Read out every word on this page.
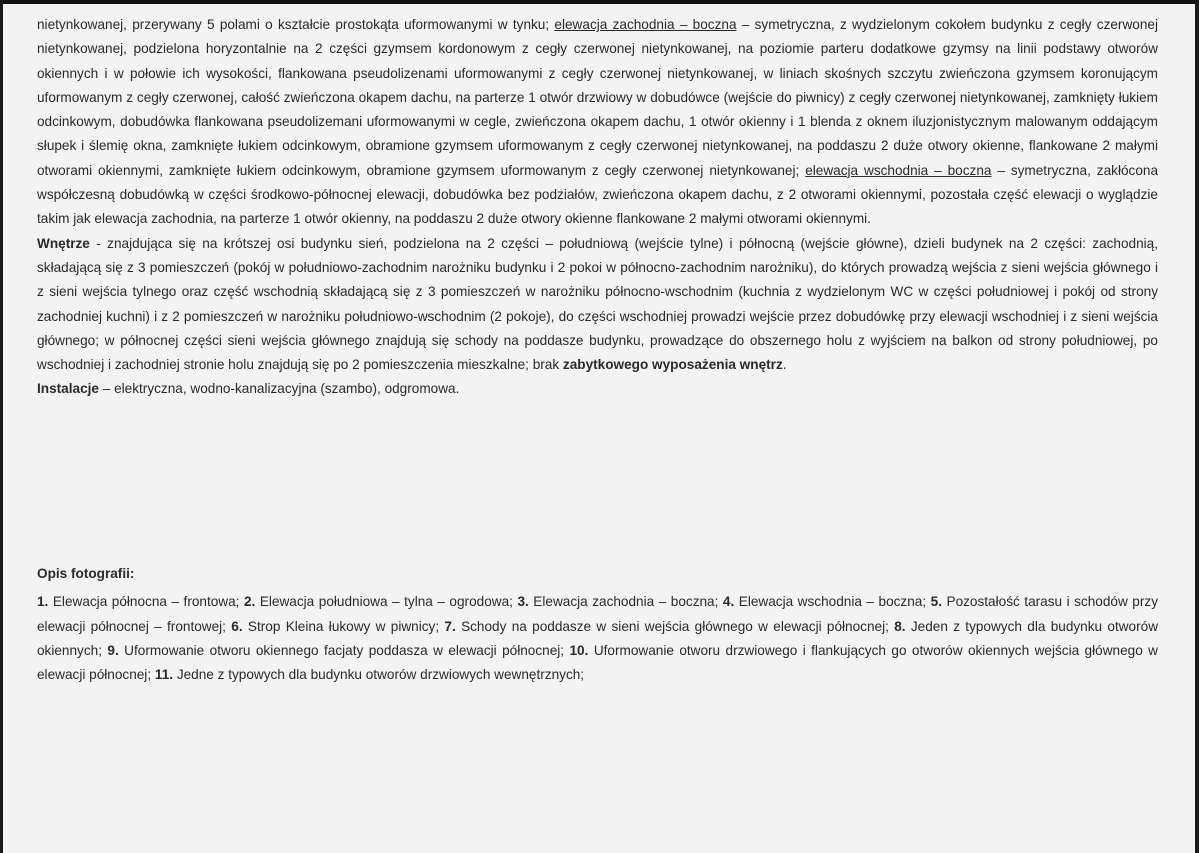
nietynkowanej, przerywany 5 polami o kształcie prostokąta uformowanymi w tynku; elewacja zachodnia – boczna – symetryczna, z wydzielonym cokołem budynku z cegły czerwonej nietynkowanej, podzielona horyzontalnie na 2 części gzymsem kordonowym z cegły czerwonej nietynkowanej, na poziomie parteru dodatkowe gzymsy na linii podstawy otworów okiennych i w połowie ich wysokości, flankowana pseudolizenami uformowanymi z cegły czerwonej nietynkowanej, w liniach skośnych szczytu zwieńczona gzymsem koronującym uformowanym z cegły czerwonej, całość zwieńczona okapem dachu, na parterze 1 otwór drzwiowy w dobudówce (wejście do piwnicy) z cegły czerwonej nietynkowanej, zamknięty łukiem odcinkowym, dobudówka flankowana pseudolizemani uformowanymi w cegle, zwieńczona okapem dachu, 1 otwór okienny i 1 blenda z oknem iluzjonistycznym malowanym oddającym słupek i ślemię okna, zamknięte łukiem odcinkowym, obramione gzymsem uformowanym z cegły czerwonej nietynkowanej, na poddaszu 2 duże otwory okienne, flankowane 2 małymi otworami okiennymi, zamknięte łukiem odcinkowym, obramione gzymsem uformowanym z cegły czerwonej nietynkowanej; elewacja wschodnia – boczna – symetryczna, zakłócona współczesną dobudówką w części środkowo-północnej elewacji, dobudówka bez podziałów, zwieńczona okapem dachu, z 2 otworami okiennymi, pozostała część elewacji o wyglądzie takim jak elewacja zachodnia, na parterze 1 otwór okienny, na poddaszu 2 duże otwory okienne flankowane 2 małymi otworami okiennymi.

Wnętrze - znajdująca się na krótszej osi budynku sień, podzielona na 2 części – południową (wejście tylne) i północną (wejście główne), dzieli budynek na 2 części: zachodnią, składającą się z 3 pomieszczeń (pokój w południowo-zachodnim narożniku budynku i 2 pokoi w północno-zachodnim narożniku), do których prowadzą wejścia z sieni wejścia głównego i z sieni wejścia tylnego oraz część wschodnią składającą się z 3 pomieszczeń w narożniku północno-wschodnim (kuchnia z wydzielonym WC w części południowej i pokój od strony zachodniej kuchni) i z 2 pomieszczeń w narożniku południowo-wschodnim (2 pokoje), do części wschodniej prowadzi wejście przez dobudówkę przy elewacji wschodniej i z sieni wejścia głównego; w północnej części sieni wejścia głównego znajdują się schody na poddasze budynku, prowadzące do obszernego holu z wyjściem na balkon od strony południowej, po wschodniej i zachodniej stronie holu znajdują się po 2 pomieszczenia mieszkalne; brak zabytkowego wyposażenia wnętrz.

Instalacje – elektryczna, wodno-kanalizacyjna (szambo), odgromowa.

Opis fotografii:

1. Elewacja północna – frontowa; 2. Elewacja południowa – tylna – ogrodowa; 3. Elewacja zachodnia – boczna; 4. Elewacja wschodnia – boczna; 5. Pozostałość tarasu i schodów przy elewacji północnej – frontowej; 6. Strop Kleina łukowy w piwnicy; 7. Schody na poddasze w sieni wejścia głównego w elewacji północnej; 8. Jeden z typowych dla budynku otworów okiennych; 9. Uformowanie otworu okiennego facjaty poddasza w elewacji północnej; 10. Uformowanie otworu drzwiowego i flankujących go otworów okiennych wejścia głównego w elewacji północnej; 11. Jedne z typowych dla budynku otworów drzwiowych wewnętrznych;
